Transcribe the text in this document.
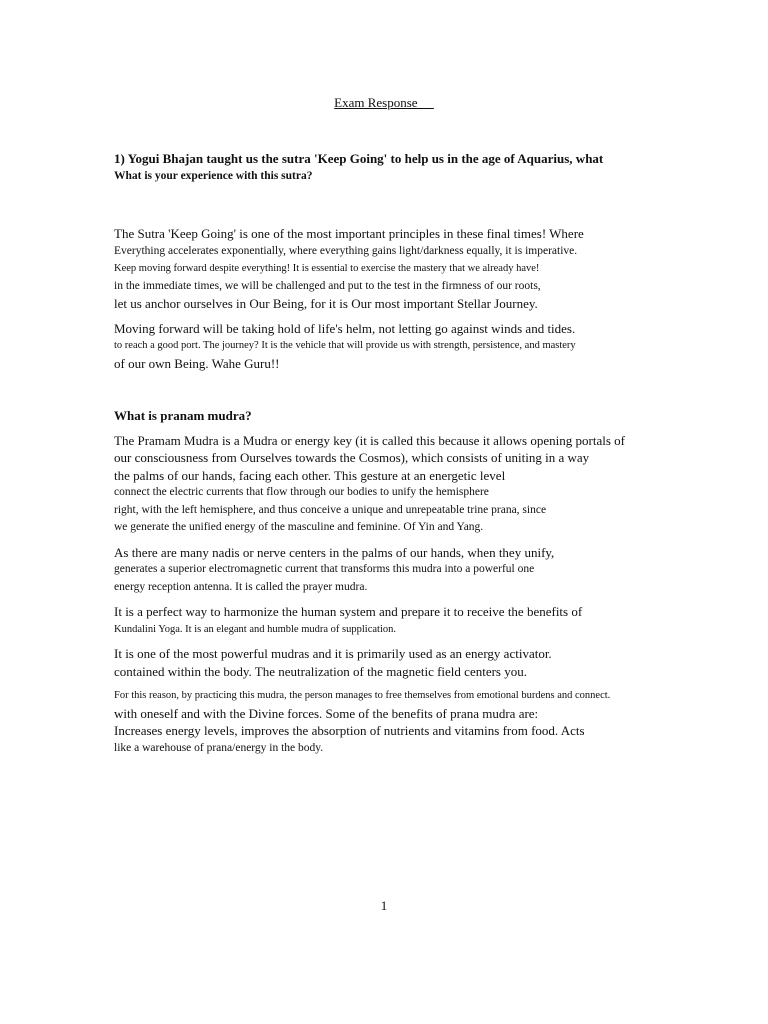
Exam Response
1) Yogui Bhajan taught us the sutra 'Keep Going' to help us in the age of Aquarius, what
What is your experience with this sutra?
The Sutra 'Keep Going' is one of the most important principles in these final times! Where
Everything accelerates exponentially, where everything gains light/darkness equally, it is imperative.
Keep moving forward despite everything! It is essential to exercise the mastery that we already have!
in the immediate times, we will be challenged and put to the test in the firmness of our roots,
let us anchor ourselves in Our Being, for it is Our most important Stellar Journey.
Moving forward will be taking hold of life's helm, not letting go against winds and tides.
to reach a good port. The journey? It is the vehicle that will provide us with strength, persistence, and mastery
of our own Being. Wahe Guru!!
What is pranam mudra?
The Pramam Mudra is a Mudra or energy key (it is called this because it allows opening portals of
our consciousness from Ourselves towards the Cosmos), which consists of uniting in a way
the palms of our hands, facing each other. This gesture at an energetic level
connect the electric currents that flow through our bodies to unify the hemisphere
right, with the left hemisphere, and thus conceive a unique and unrepeatable trine prana, since
we generate the unified energy of the masculine and feminine. Of Yin and Yang.
As there are many nadis or nerve centers in the palms of our hands, when they unify,
generates a superior electromagnetic current that transforms this mudra into a powerful one
energy reception antenna. It is called the prayer mudra.
It is a perfect way to harmonize the human system and prepare it to receive the benefits of
Kundalini Yoga. It is an elegant and humble mudra of supplication.
It is one of the most powerful mudras and it is primarily used as an energy activator.
contained within the body. The neutralization of the magnetic field centers you.
For this reason, by practicing this mudra, the person manages to free themselves from emotional burdens and connect.
with oneself and with the Divine forces. Some of the benefits of prana mudra are:
Increases energy levels, improves the absorption of nutrients and vitamins from food. Acts
like a warehouse of prana/energy in the body.
1
